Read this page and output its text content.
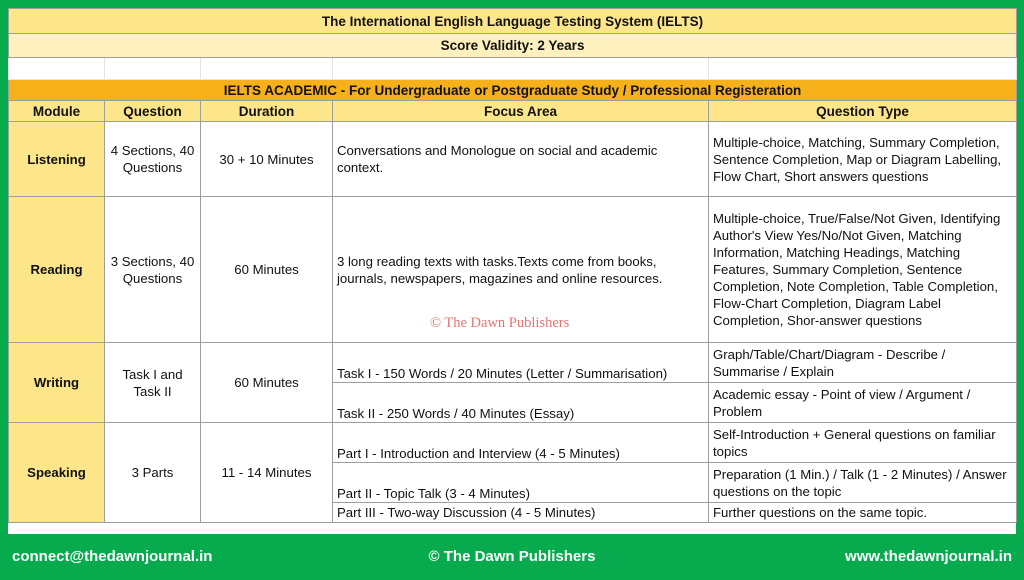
The International English Language Testing System (IELTS)				
Score Validity: 2 Years				

IELTS ACADEMIC - For Undergraduate or Postgraduate Study / Professional Registeration				
Module	Question	Duration	Focus Area	Question Type
Listening	4 Sections, 40 Questions	30 + 10 Minutes	Conversations and Monologue on social and academic context.	Multiple-choice, Matching, Summary Completion, Sentence Completion, Map or Diagram Labelling, Flow Chart, Short answers questions
Reading	3 Sections, 40 Questions	60 Minutes	3 long reading texts with tasks.Texts come from books, journals, newspapers, magazines and online resources.	Multiple-choice, True/False/Not Given, Identifying Author's View Yes/No/Not Given, Matching Information, Matching Headings, Matching Features, Summary Completion, Sentence Completion, Note Completion, Table Completion, Flow-Chart Completion, Diagram Label Completion, Shor-answer questions
Writing	Task I and Task II	60 Minutes	Task I - 150 Words / 20 Minutes (Letter / Summarisation)	Graph/Table/Chart/Diagram - Describe / Summarise / Explain
			Task II - 250 Words / 40 Minutes (Essay)	Academic essay - Point of view / Argument / Problem
Speaking	3 Parts	11 - 14 Minutes	Part I - Introduction and Interview (4 - 5 Minutes)	Self-Introduction + General questions on familiar topics
			Part II - Topic Talk (3 - 4 Minutes)	Preparation (1 Min.) / Talk (1 - 2 Minutes) / Answer questions on the topic
			Part III - Two-way Discussion (4 - 5 Minutes)	Further questions on the same topic.
© The Dawn Publishers
connect@thedawnjournal.in	© The Dawn Publishers	www.thedawnjournal.in
